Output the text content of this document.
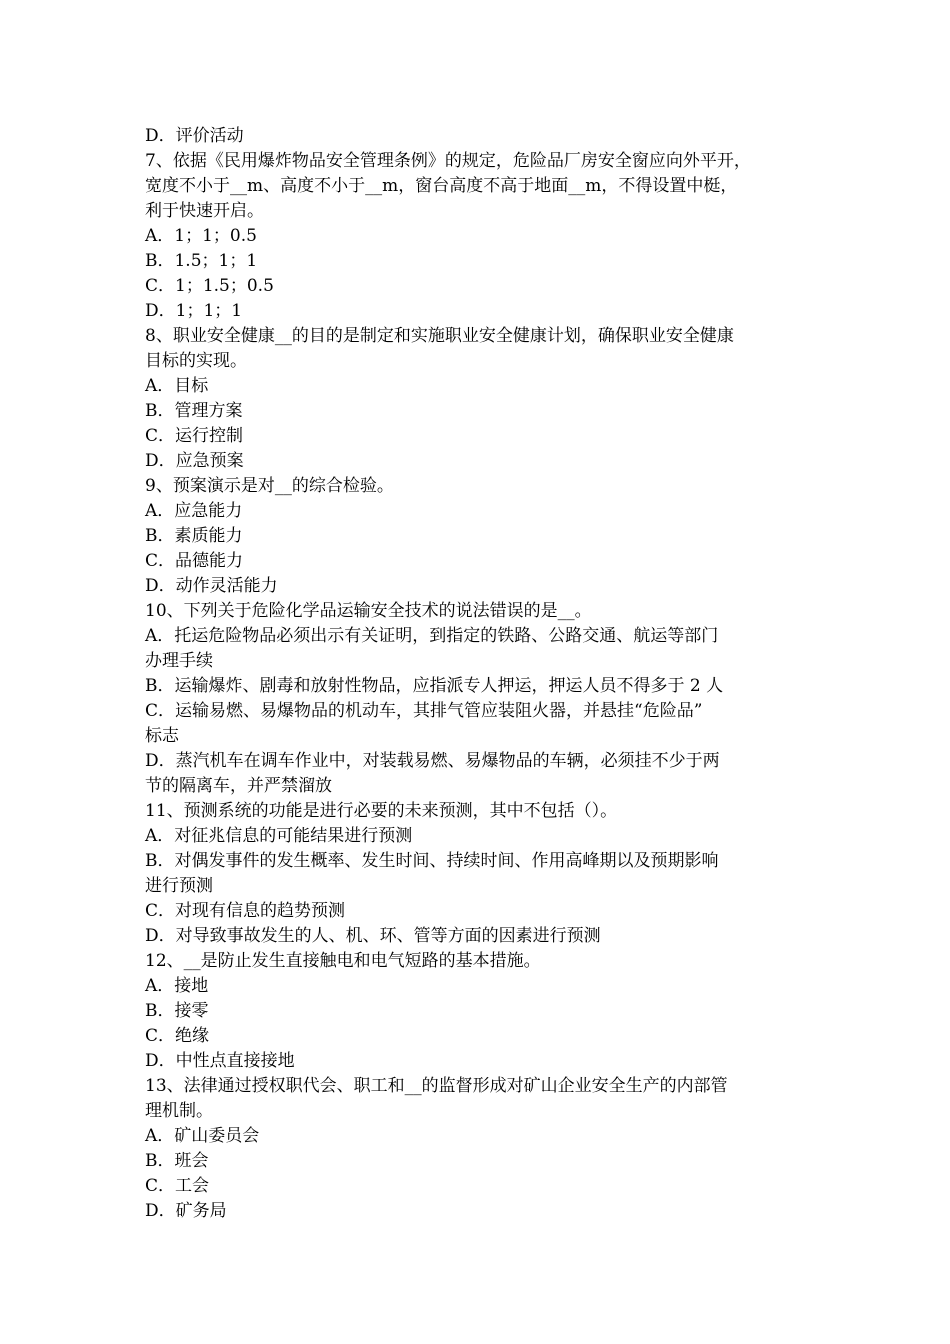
D．评价活动
7、依据《民用爆炸物品安全管理条例》的规定，危险品厂房安全窗应向外平开，
宽度不小于__m、高度不小于__m，窗台高度不高于地面__m，不得设置中梃，
利于快速开启。
A．1；1；0.5
B．1.5；1；1
C．1；1.5；0.5
D．1；1；1
8、职业安全健康__的目的是制定和实施职业安全健康计划，确保职业安全健康
目标的实现。
A．目标
B．管理方案
C．运行控制
D．应急预案
9、预案演示是对__的综合检验。
A．应急能力
B．素质能力
C．品德能力
D．动作灵活能力
10、下列关于危险化学品运输安全技术的说法错误的是__。
A．托运危险物品必须出示有关证明，到指定的铁路、公路交通、航运等部门
办理手续
B．运输爆炸、剧毒和放射性物品，应指派专人押运，押运人员不得多于 2 人
C．运输易燃、易爆物品的机动车，其排气管应装阻火器，并悬挂“危险品”
标志
D．蒸汽机车在调车作业中，对装载易燃、易爆物品的车辆，必须挂不少于两
节的隔离车，并严禁溜放
11、预测系统的功能是进行必要的未来预测，其中不包括（）。
A．对征兆信息的可能结果进行预测
B．对偶发事件的发生概率、发生时间、持续时间、作用高峰期以及预期影响
进行预测
C．对现有信息的趋势预测
D．对导致事故发生的人、机、环、管等方面的因素进行预测
12、__是防止发生直接触电和电气短路的基本措施。
A．接地
B．接零
C．绝缘
D．中性点直接接地
13、法律通过授权职代会、职工和__的监督形成对矿山企业安全生产的内部管
理机制。
A．矿山委员会
B．班会
C．工会
D．矿务局
